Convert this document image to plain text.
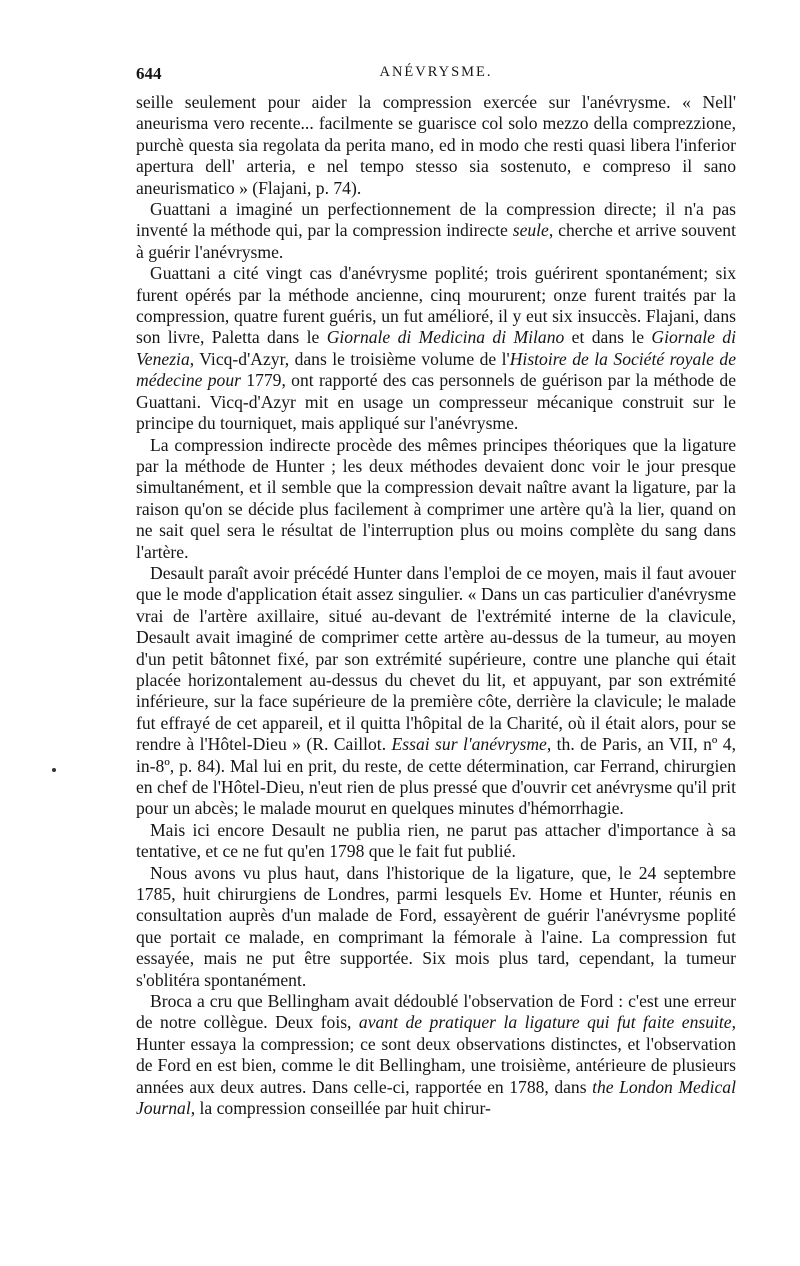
644	ANÉVRYSME.

seille seulement pour aider la compression exercée sur l'anévrysme. « Nell' aneurisma vero recente... facilmente se guarisce col solo mezzo della comprezzione, purchè questa sia regolata da perita mano, ed in modo che resti quasi libera l'inferior apertura dell' arteria, e nel tempo stesso sia sostenuto, e compreso il sano aneurismatico » (Flajani, p. 74).

Guattani a imaginé un perfectionnement de la compression directe; il n'a pas inventé la méthode qui, par la compression indirecte seule, cherche et arrive souvent à guérir l'anévrysme.

Guattani a cité vingt cas d'anévrysme poplité; trois guérirent spontanément; six furent opérés par la méthode ancienne, cinq moururent; onze furent traités par la compression, quatre furent guéris, un fut amélioré, il y eut six insuccès. Flajani, dans son livre, Paletta dans le Giornale di Medicina di Milano et dans le Giornale di Venezia, Vicq-d'Azyr, dans le troisième volume de l'Histoire de la Société royale de médecine pour 1779, ont rapporté des cas personnels de guérison par la méthode de Guattani. Vicq-d'Azyr mit en usage un compresseur mécanique construit sur le principe du tourniquet, mais appliqué sur l'anévrysme.

La compression indirecte procède des mêmes principes théoriques que la ligature par la méthode de Hunter ; les deux méthodes devaient donc voir le jour presque simultanément, et il semble que la compression devait naître avant la ligature, par la raison qu'on se décide plus facilement à comprimer une artère qu'à la lier, quand on ne sait quel sera le résultat de l'interruption plus ou moins complète du sang dans l'artère.

Desault paraît avoir précédé Hunter dans l'emploi de ce moyen, mais il faut avouer que le mode d'application était assez singulier. « Dans un cas particulier d'anévrysme vrai de l'artère axillaire, situé au-devant de l'extrémité interne de la clavicule, Desault avait imaginé de comprimer cette artère au-dessus de la tumeur, au moyen d'un petit bâtonnet fixé, par son extrémité supérieure, contre une planche qui était placée horizontalement au-dessus du chevet du lit, et appuyant, par son extrémité inférieure, sur la face supérieure de la première côte, derrière la clavicule; le malade fut effrayé de cet appareil, et il quitta l'hôpital de la Charité, où il était alors, pour se rendre à l'Hôtel-Dieu » (R. Caillot. Essai sur l'anévrysme, th. de Paris, an VII, nº 4, in-8º, p. 84). Mal lui en prit, du reste, de cette détermination, car Ferrand, chirurgien en chef de l'Hôtel-Dieu, n'eut rien de plus pressé que d'ouvrir cet anévrysme qu'il prit pour un abcès; le malade mourut en quelques minutes d'hémorrhagie.

Mais ici encore Desault ne publia rien, ne parut pas attacher d'importance à sa tentative, et ce ne fut qu'en 1798 que le fait fut publié.

Nous avons vu plus haut, dans l'historique de la ligature, que, le 24 septembre 1785, huit chirurgiens de Londres, parmi lesquels Ev. Home et Hunter, réunis en consultation auprès d'un malade de Ford, essayèrent de guérir l'anévrysme poplité que portait ce malade, en comprimant la fémorale à l'aine. La compression fut essayée, mais ne put être supportée. Six mois plus tard, cependant, la tumeur s'oblitéra spontanément.

Broca a cru que Bellingham avait dédoublé l'observation de Ford : c'est une erreur de notre collègue. Deux fois, avant de pratiquer la ligature qui fut faite ensuite, Hunter essaya la compression; ce sont deux observations distinctes, et l'observation de Ford en est bien, comme le dit Bellingham, une troisième, antérieure de plusieurs années aux deux autres. Dans celle-ci, rapportée en 1788, dans the London Medical Journal, la compression conseillée par huit chirur-
